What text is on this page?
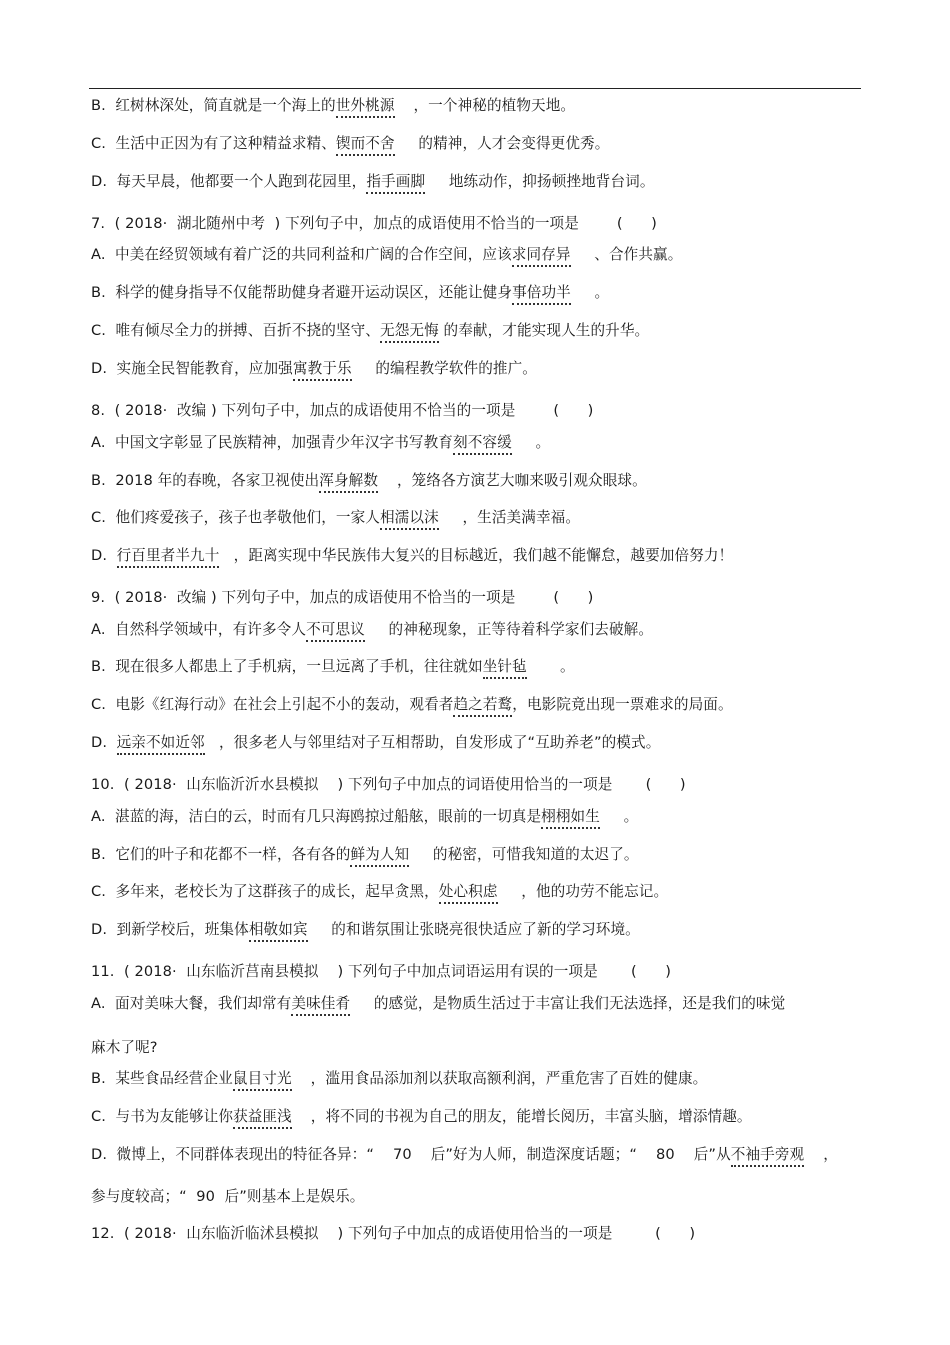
B.  红树林深处，简直就是一个海上的世外桃源    ，一个神秘的植物天地。
C.  生活中正因为有了这种精益求精、锲而不舍     的精神，人才会变得更优秀。
D.  每天早晨，他都要一个人跑到花园里，指手画脚     地练动作，抑扬顿挫地背台词。
7.  ( 2018·  湖北随州中考  ) 下列句子中，加点的成语使用不恰当的一项是        (      )
A.  中美在经贸领域有着广泛的共同利益和广阔的合作空间，应该求同存异     、合作共赢。
B.  科学的健身指导不仅能帮助健身者避开运动误区，还能让健身事倍功半     。
C.  唯有倾尽全力的拼搏、百折不挠的坚守、无怨无悔 的奉献，才能实现人生的升华。
D.  实施全民智能教育，应加强寓教于乐     的编程教学软件的推广。
8.  ( 2018·  改编 ) 下列句子中，加点的成语使用不恰当的一项是        (      )
A.  中国文字彰显了民族精神，加强青少年汉字书写教育刻不容缓     。
B.  2018 年的春晚，各家卫视使出浑身解数    ，笼络各方演艺大咖来吸引观众眼球。
C.  他们疼爱孩子，孩子也孝敬他们，一家人相濡以沫     ，生活美满幸福。
D.  行百里者半九十   ，距离实现中华民族伟大复兴的目标越近，我们越不能懈怠，越要加倍努力！
9.  ( 2018·  改编 ) 下列句子中，加点的成语使用不恰当的一项是        (      )
A.  自然科学领域中，有许多令人不可思议     的神秘现象，正等待着科学家们去破解。
B.  现在很多人都患上了手机病，一旦远离了手机，往往就如坐针毡       。
C.  电影《红海行动》在社会上引起不小的轰动，观看者趋之若鹜，电影院竟出现一票难求的局面。
D.  远亲不如近邻   ，很多老人与邻里结对子互相帮助，自发形成了“互助养老”的模式。
10.  ( 2018·  山东临沂沂水县模拟    ) 下列句子中加点的词语使用恰当的一项是       (      )
A.  湛蓝的海，洁白的云，时而有几只海鸥掠过船舷，眼前的一切真是栩栩如生     。
B.  它们的叶子和花都不一样，各有各的鲜为人知     的秘密，可惜我知道的太迟了。
C.  多年来，老校长为了这群孩子的成长，起早贪黑，处心积虑     ，他的功劳不能忘记。
D.  到新学校后，班集体相敬如宾     的和谐氛围让张晓亮很快适应了新的学习环境。
11.  ( 2018·  山东临沂莒南县模拟    ) 下列句子中加点词语运用有误的一项是       (      )
A.  面对美味大餐，我们却常有美味佳肴     的感觉，是物质生活过于丰富让我们无法选择，还是我们的味觉
麻木了呢?
B.  某些食品经营企业鼠目寸光    ，滥用食品添加剂以获取高额利润，严重危害了百姓的健康。
C.  与书为友能够让你获益匪浅    ，将不同的书视为自己的朋友，能增长阅历，丰富头脑，增添情趣。
D.  微博上，不同群体表现出的特征各异：“    70    后”好为人师，制造深度话题；“    80    后”从不袖手旁观    ，
参与度较高；“  90  后”则基本上是娱乐。
12.  ( 2018·  山东临沂临沭县模拟    ) 下列句子中加点的成语使用恰当的一项是         (      )
